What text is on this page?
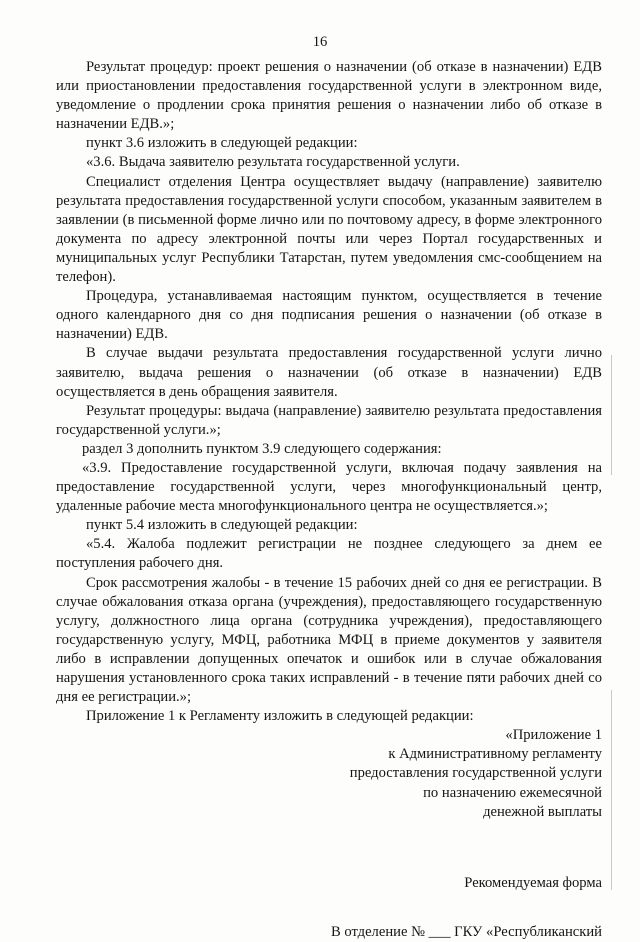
16

Результат процедур: проект решения о назначении (об отказе в назначении) ЕДВ или приостановлении предоставления государственной услуги в электронном виде, уведомление о продлении срока принятия решения о назначении либо об отказе в назначении ЕДВ.»;

пункт 3.6 изложить в следующей редакции:

«3.6. Выдача заявителю результата государственной услуги.

Специалист отделения Центра осуществляет выдачу (направление) заявителю результата предоставления государственной услуги способом, указанным заявителем в заявлении (в письменной форме лично или по почтовому адресу, в форме электронного документа по адресу электронной почты или через Портал государственных и муниципальных услуг Республики Татарстан, путем уведомления смс-сообщением на телефон).

Процедура, устанавливаемая настоящим пунктом, осуществляется в течение одного календарного дня со дня подписания решения о назначении (об отказе в назначении) ЕДВ.

В случае выдачи результата предоставления государственной услуги лично заявителю, выдача решения о назначении (об отказе в назначении) ЕДВ осуществляется в день обращения заявителя.

Результат процедуры: выдача (направление) заявителю результата предоставления государственной услуги.»;

раздел 3 дополнить пунктом 3.9 следующего содержания:

«3.9. Предоставление государственной услуги, включая подачу заявления на предоставление государственной услуги, через многофункциональный центр, удаленные рабочие места многофункционального центра не осуществляется.»;

пункт 5.4 изложить в следующей редакции:

«5.4. Жалоба подлежит регистрации не позднее следующего за днем ее поступления рабочего дня.

Срок рассмотрения жалобы - в течение 15 рабочих дней со дня ее регистрации. В случае обжалования отказа органа (учреждения), предоставляющего государственную услугу, должностного лица органа (сотрудника учреждения), предоставляющего государственную услугу, МФЦ, работника МФЦ в приеме документов у заявителя либо в исправлении допущенных опечаток и ошибок или в случае обжалования нарушения установленного срока таких исправлений - в течение пяти рабочих дней со дня ее регистрации.»;

Приложение 1 к Регламенту изложить в следующей редакции:

«Приложение 1

к Административному регламенту

предоставления государственной услуги

по назначению ежемесячной

денежной выплаты

Рекомендуемая форма

В отделение № ___ ГКУ «Республиканский
